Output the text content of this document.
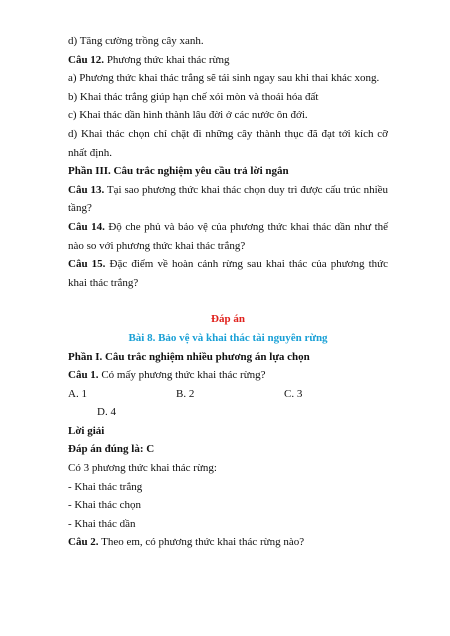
d) Tăng cường trồng cây xanh.

Câu 12. Phương thức khai thác rừng

a) Phương thức khai thác trắng sẽ tái sinh ngay sau khi thai khác xong.

b) Khai thác trắng giúp hạn chế xói mòn và thoái hóa đất

c) Khai thác dần hình thành lâu đời ở các nước ôn đới.

d) Khai thác chọn chỉ chặt đi những cây thành thục đã đạt tới kích cỡ nhất định.

Phần III. Câu trắc nghiệm yêu cầu trả lời ngắn

Câu 13. Tại sao phương thức khai thác chọn duy trì được cấu trúc nhiều tầng?

Câu 14. Độ che phủ và bảo vệ của phương thức khai thác dần như thế nào so với phương thức khai thác trắng?

Câu 15. Đặc điểm về hoàn cảnh rừng sau khai thác của phương thức khai thác trắng?

Đáp án

Bài 8. Bảo vệ và khai thác tài nguyên rừng

Phần I. Câu trắc nghiệm nhiều phương án lựa chọn

Câu 1. Có mấy phương thức khai thác rừng?

A. 1	B. 2	C. 3

D. 4

Lời giải

Đáp án đúng là: C

Có 3 phương thức khai thác rừng:

- Khai thác trắng

- Khai thác chọn

- Khai thác dần

Câu 2. Theo em, có phương thức khai thác rừng nào?
